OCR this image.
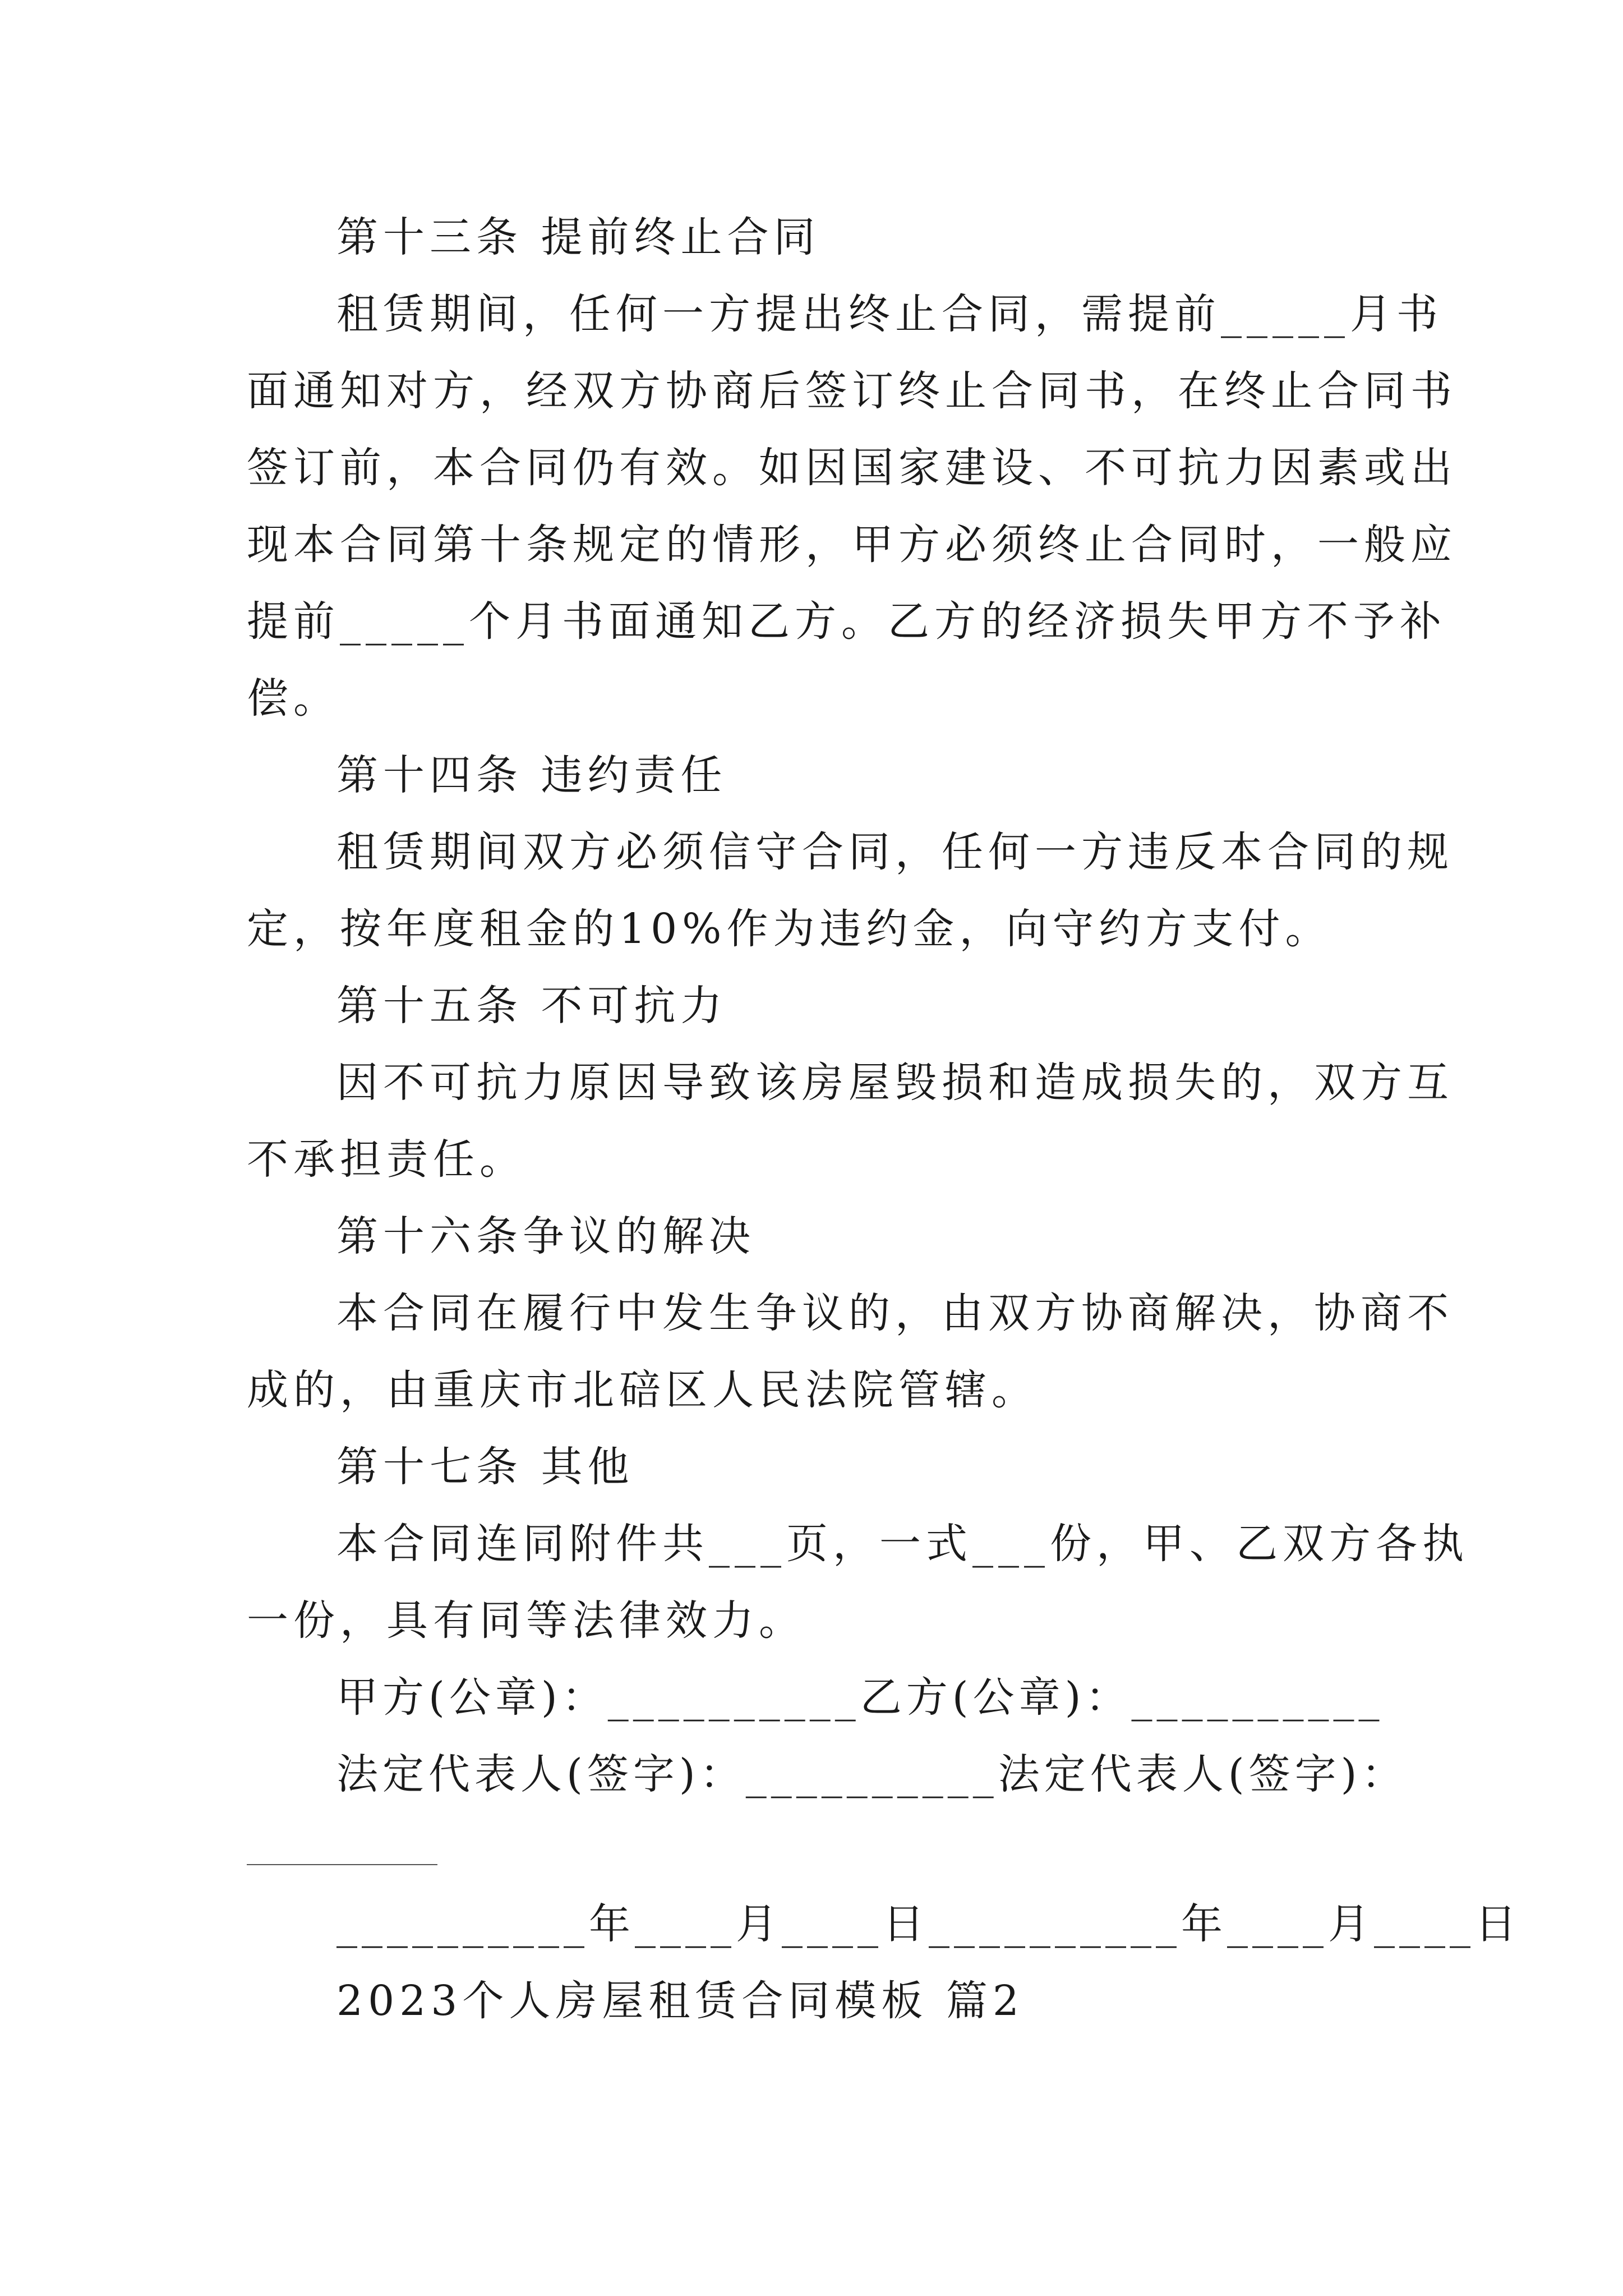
第十三条 提前终止合同
租赁期间，任何一方提出终止合同，需提前_____月书
面通知对方，经双方协商后签订终止合同书，在终止合同书
签订前，本合同仍有效。如因国家建设、不可抗力因素或出
现本合同第十条规定的情形，甲方必须终止合同时，一般应
提前_____个月书面通知乙方。乙方的经济损失甲方不予补
偿。
第十四条 违约责任
租赁期间双方必须信守合同，任何一方违反本合同的规
定，按年度租金的10%作为违约金，向守约方支付。
第十五条 不可抗力
因不可抗力原因导致该房屋毁损和造成损失的，双方互
不承担责任。
第十六条争议的解决
本合同在履行中发生争议的，由双方协商解决，协商不
成的，由重庆市北碚区人民法院管辖。
第十七条 其他
本合同连同附件共___页，一式___份，甲、乙双方各执
一份，具有同等法律效力。
甲方(公章)：__________乙方(公章)：__________
法定代表人(签字)：__________法定代表人(签字)：
__________年____月____日__________年____月____日
2023个人房屋租赁合同模板 篇2
